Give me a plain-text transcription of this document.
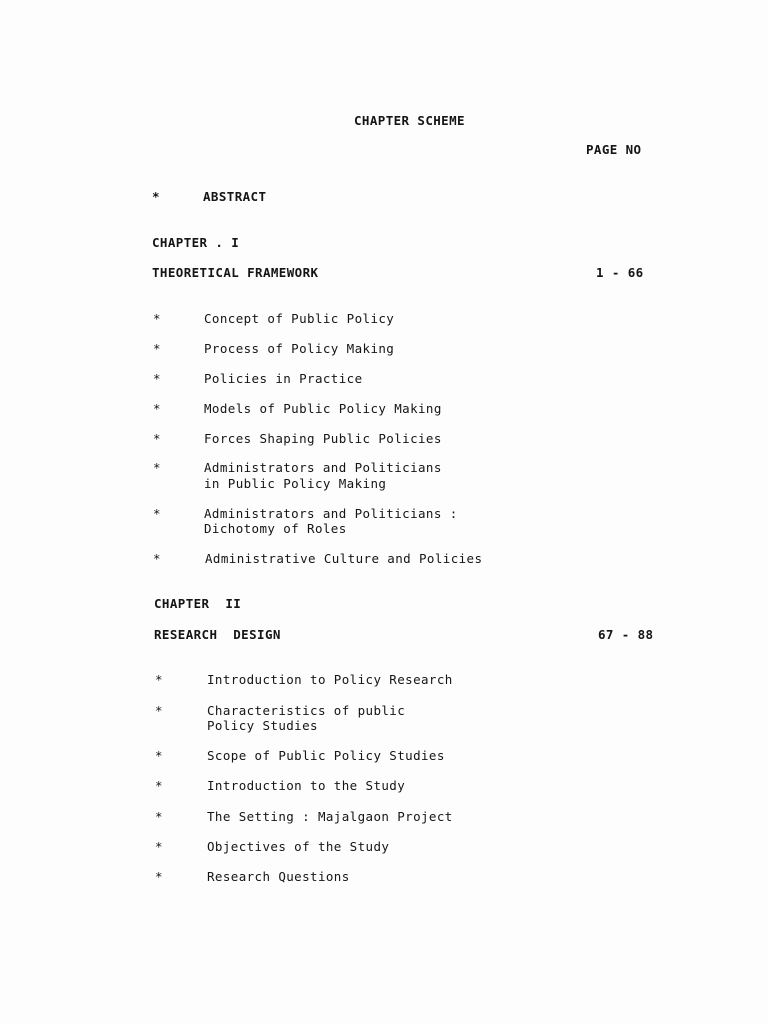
CHAPTER SCHEME
PAGE NO
*	ABSTRACT
CHAPTER . I
THEORETICAL FRAMEWORK	1 - 66
*	Concept of Public Policy
*	Process of Policy Making
*	Policies in Practice
*	Models of Public Policy Making
*	Forces Shaping Public Policies
*	Administrators and Politicians
in Public Policy Making
*	Administrators and Politicians :
Dichotomy of Roles
*	Administrative Culture and Policies
CHAPTER  II
RESEARCH  DESIGN	67 - 88
*	Introduction to Policy Research
*	Characteristics of public
Policy Studies
*	Scope of Public Policy Studies
*	Introduction to the Study
*	The Setting : Majalgaon Project
*	Objectives of the Study
*	Research Questions
